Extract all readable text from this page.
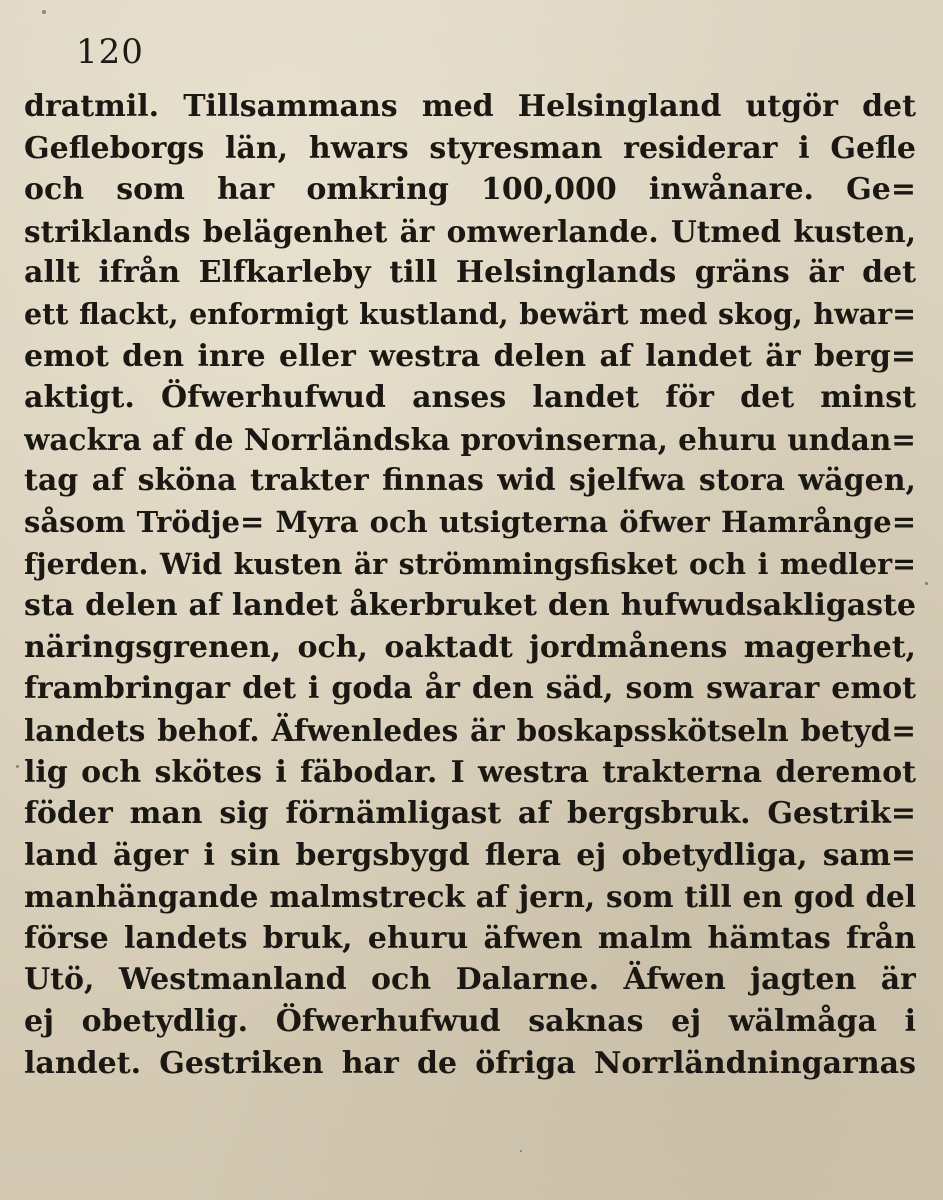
120
dratmil. Tillsammans med Helsingland utgör det
Gefleborgs län, hwars styresman residerar i Gefle
och som har omkring 100,000 inwånare. Ge=
striklands belägenhet är omwerlande. Utmed kusten,
allt ifrån Elfkarleby till Helsinglands gräns är det
ett flackt, enformigt kustland, bewärt med skog, hwar=
emot den inre eller westra delen af landet är berg=
aktigt. Öfwerhufwud anses landet för det minst
wackra af de Norrländska provinserna, ehuru undan=
tag af sköna trakter finnas wid sjelfwa stora wägen,
såsom Trödje= Myra och utsigterna öfwer Hamrånge=
fjerden. Wid kusten är strömmingsfisket och i medler=
sta delen af landet åkerbruket den hufwudsakligaste
näringsgrenen, och, oaktadt jordmånens magerhet,
frambringar det i goda år den säd, som swarar emot
landets behof. Äfwenledes är boskapsskötseln betyd=
lig och skötes i fäbodar. I westra trakterna deremot
föder man sig förnämligast af bergsbruk. Gestrik=
land äger i sin bergsbygd flera ej obetydliga, sam=
manhängande malmstreck af jern, som till en god del
förse landets bruk, ehuru äfwen malm hämtas från
Utö, Westmanland och Dalarne. Äfwen jagten är
ej obetydlig. Öfwerhufwud saknas ej wälmåga i
landet. Gestriken har de öfriga Norrländningarnas
